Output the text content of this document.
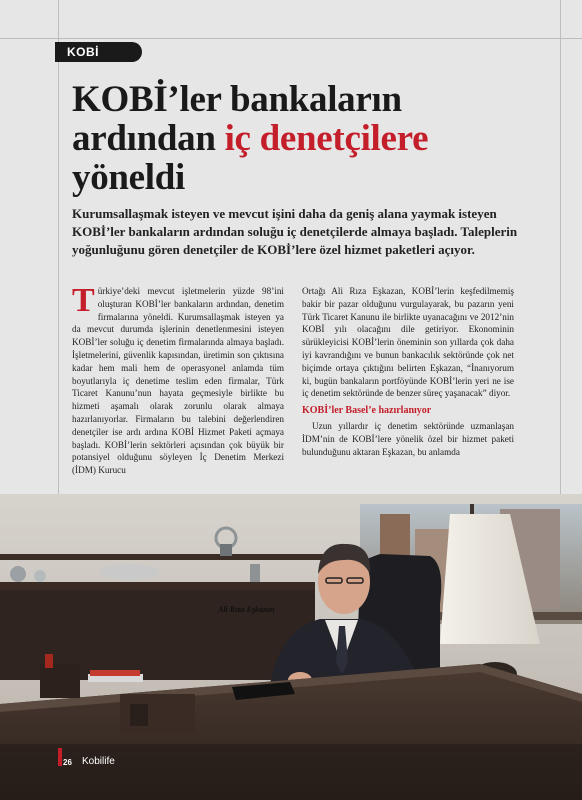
KOBİ
KOBİ’ler bankaların ardından iç denetçilere yöneldi

Kurumsallaşmak isteyen ve mevcut işini daha da geniş alana yaymak isteyen KOBİ’ler bankaların ardından soluğu iç denetçilerde almaya başladı. Taleplerin yoğunluğunu gören denetçiler de KOBİ’lere özel hizmet paketleri açıyor.

Türkiye’deki mevcut işletmelerin yüzde 98’ini oluşturan KOBİ’ler bankaların ardından, denetim firmalarına yöneldi. Kurumsallaşmak isteyen ya da mevcut durumda işlerinin denetlenmesini isteyen KOBİ’ler soluğu iç denetim firmalarında almaya başladı. İşletmelerini, güvenlik kapısından, üretimin son çıktısına kadar hem mali hem de operasyonel anlamda tüm boyutlarıyla iç denetime teslim eden firmalar, Türk Ticaret Kanunu’nun hayata geçmesiyle birlikte bu hizmeti aşamalı olarak zorunlu olarak almaya hazırlanıyorlar. Firmaların bu talebini değerlendiren denetçiler ise ardı ardına KOBİ Hizmet Paketi açmaya başladı. KOBİ’lerin sektörleri açısından çok büyük bir potansiyel olduğunu söyleyen İç Denetim Merkezi (İDM) Kurucu

Ortağı Ali Rıza Eşkazan, KOBİ’lerin keşfedilmemiş bakir bir pazar olduğunu vurgulayarak, bu pazarın yeni Türk Ticaret Kanunu ile birlikte uyanacağını ve 2012’nin KOBİ yılı olacağını dile getiriyor. Ekonominin sürükleyicisi KOBİ’lerin öneminin son yıllarda çok daha iyi kavrandığını ve bunun bankacılık sektöründe çok net biçimde ortaya çıktığını belirten Eşkazan, “İnanıyorum ki, bugün bankaların portföyünde KOBİ’lerin yeri ne ise iç denetim sektöründe de benzer süreç yaşanacak” diyor.

KOBİ’ler Basel’e hazırlanıyor

Uzun yıllardır iç denetim sektöründe uzmanlaşan İDM’nin de KOBİ’lere yönelik özel bir hizmet paketi bulunduğunu aktaran Eşkazan, bu anlamda

Ali Rıza Eşkazan
26 Kobilife
